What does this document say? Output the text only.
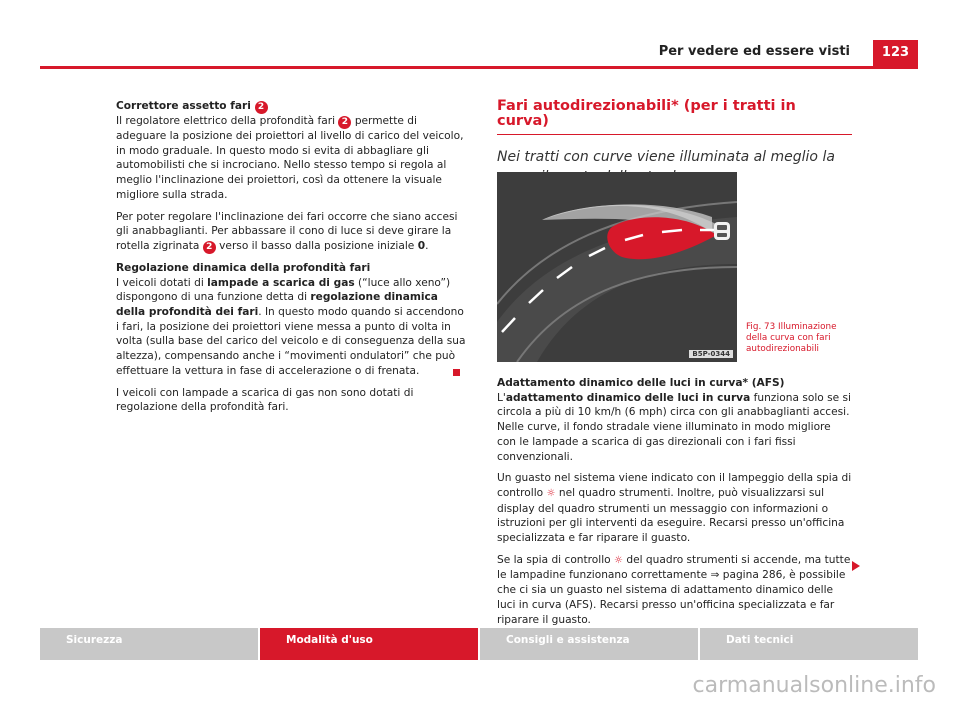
Per vedere ed essere visti	123

Correttore assetto fari 2

Il regolatore elettrico della profondità fari 2 permette di adeguare la posizione dei proiettori al livello di carico del veicolo, in modo graduale. In questo modo si evita di abbagliare gli automobilisti che si incrociano. Nello stesso tempo si regola al meglio l'inclinazione dei proiettori, così da ottenere la visuale migliore sulla strada.

Per poter regolare l'inclinazione dei fari occorre che siano accesi gli anabbaglianti. Per abbassare il cono di luce si deve girare la rotella zigrinata 2 verso il basso dalla posizione iniziale 0.

Regolazione dinamica della profondità fari

I veicoli dotati di lampade a scarica di gas (“luce allo xeno”) dispongono di una funzione detta di regolazione dinamica della profondità dei fari. In questo modo quando si accendono i fari, la posizione dei proiettori viene messa a punto di volta in volta (sulla base del carico del veicolo e di conseguenza della sua altezza), compensando anche i “movimenti ondulatori” che può effettuare la vettura in fase di accelerazione o di frenata.

I veicoli con lampade a scarica di gas non sono dotati di regolazione della profondità fari.

Fari autodirezionabili* (per i tratti in curva)
Nei tratti con curve viene illuminata al meglio la
B5P-0344
Fig. 73 Illuminazione della curva con fari autodirezionabili

Adattamento dinamico delle luci in curva* (AFS)

L'adattamento dinamico delle luci in curva funziona solo se si circola a più di 10 km/h (6 mph) circa con gli anabbaglianti accesi. Nelle curve, il fondo stradale viene illuminato in modo migliore con le lampade a scarica di gas direzionali con i fari fissi convenzionali.

Un guasto nel sistema viene indicato con il lampeggio della spia di controllo ☼ nel quadro strumenti. Inoltre, può visualizzarsi sul display del quadro strumenti un messaggio con informazioni o istruzioni per gli interventi da eseguire. Recarsi presso un'officina specializzata e far riparare il guasto.

Se la spia di controllo ☼ del quadro strumenti si accende, ma tutte le lampadine funzionano correttamente ⇒ pagina 286, è possibile che ci sia un guasto nel sistema di adattamento dinamico delle luci in curva (AFS). Recarsi presso un'officina specializzata e far riparare il guasto.

Sicurezza	Modalità d'uso	Consigli e assistenza	Dati tecnici
carmanualsonline.info
